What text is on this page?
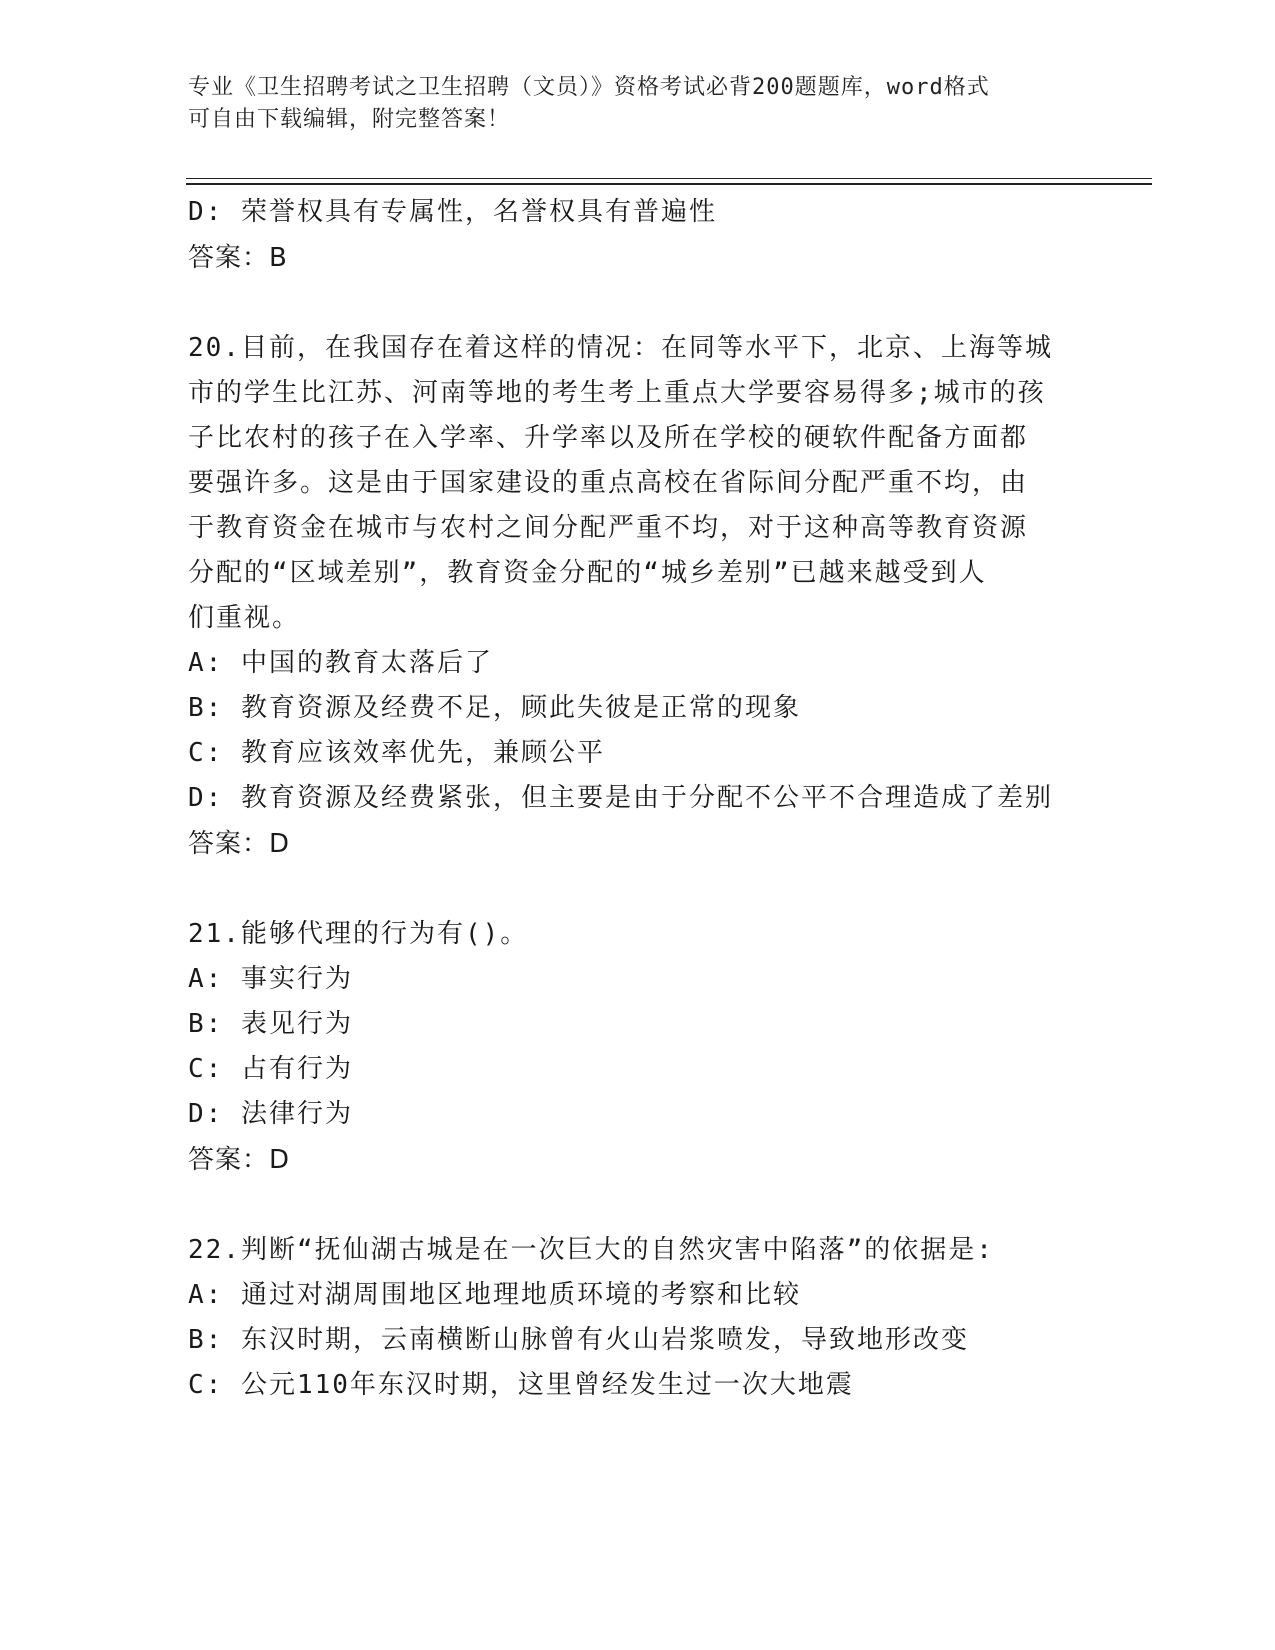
专业《卫生招聘考试之卫生招聘（文员）》资格考试必背200题题库，word格式
可自由下载编辑，附完整答案！
D: 荣誉权具有专属性，名誉权具有普遍性
答案：B
20.目前，在我国存在着这样的情况：在同等水平下，北京、上海等城
市的学生比江苏、河南等地的考生考上重点大学要容易得多;城市的孩
子比农村的孩子在入学率、升学率以及所在学校的硬软件配备方面都
要强许多。这是由于国家建设的重点高校在省际间分配严重不均，由
于教育资金在城市与农村之间分配严重不均，对于这种高等教育资源
分配的“区域差别”，教育资金分配的“城乡差别”已越来越受到人
们重视。
A: 中国的教育太落后了
B: 教育资源及经费不足，顾此失彼是正常的现象
C: 教育应该效率优先，兼顾公平
D: 教育资源及经费紧张，但主要是由于分配不公平不合理造成了差别
答案：D
21.能够代理的行为有()。
A: 事实行为
B: 表见行为
C: 占有行为
D: 法律行为
答案：D
22.判断“抚仙湖古城是在一次巨大的自然灾害中陷落”的依据是:
A: 通过对湖周围地区地理地质环境的考察和比较
B: 东汉时期，云南横断山脉曾有火山岩浆喷发，导致地形改变
C: 公元110年东汉时期，这里曾经发生过一次大地震
